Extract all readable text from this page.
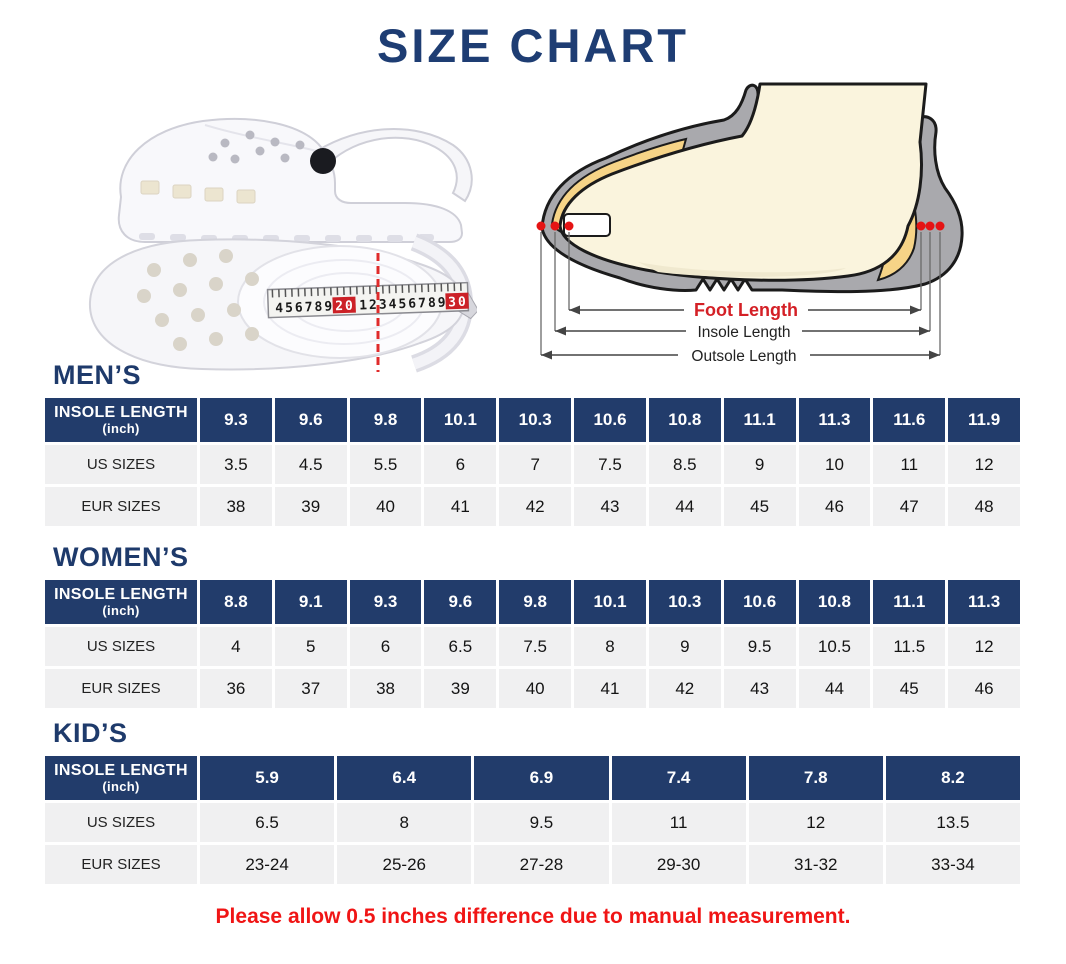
SIZE CHART
45678920 12345678930	Foot Length
Insole Length
Outsole Length
MEN’S
INSOLE LENGTH
(inch)	9.3	9.6	9.8	10.1	10.3	10.6	10.8	11.1	11.3	11.6	11.9
US SIZES	3.5	4.5	5.5	6	7	7.5	8.5	9	10	11	12
EUR SIZES	38	39	40	41	42	43	44	45	46	47	48
WOMEN’S
INSOLE LENGTH
(inch)	8.8	9.1	9.3	9.6	9.8	10.1	10.3	10.6	10.8	11.1	11.3
US SIZES	4	5	6	6.5	7.5	8	9	9.5	10.5	11.5	12
EUR SIZES	36	37	38	39	40	41	42	43	44	45	46
KID’S
INSOLE LENGTH
(inch)	5.9	6.4	6.9	7.4	7.8	8.2
US SIZES	6.5	8	9.5	11	12	13.5
EUR SIZES	23-24	25-26	27-28	29-30	31-32	33-34
Please allow 0.5 inches difference due to manual measurement.
